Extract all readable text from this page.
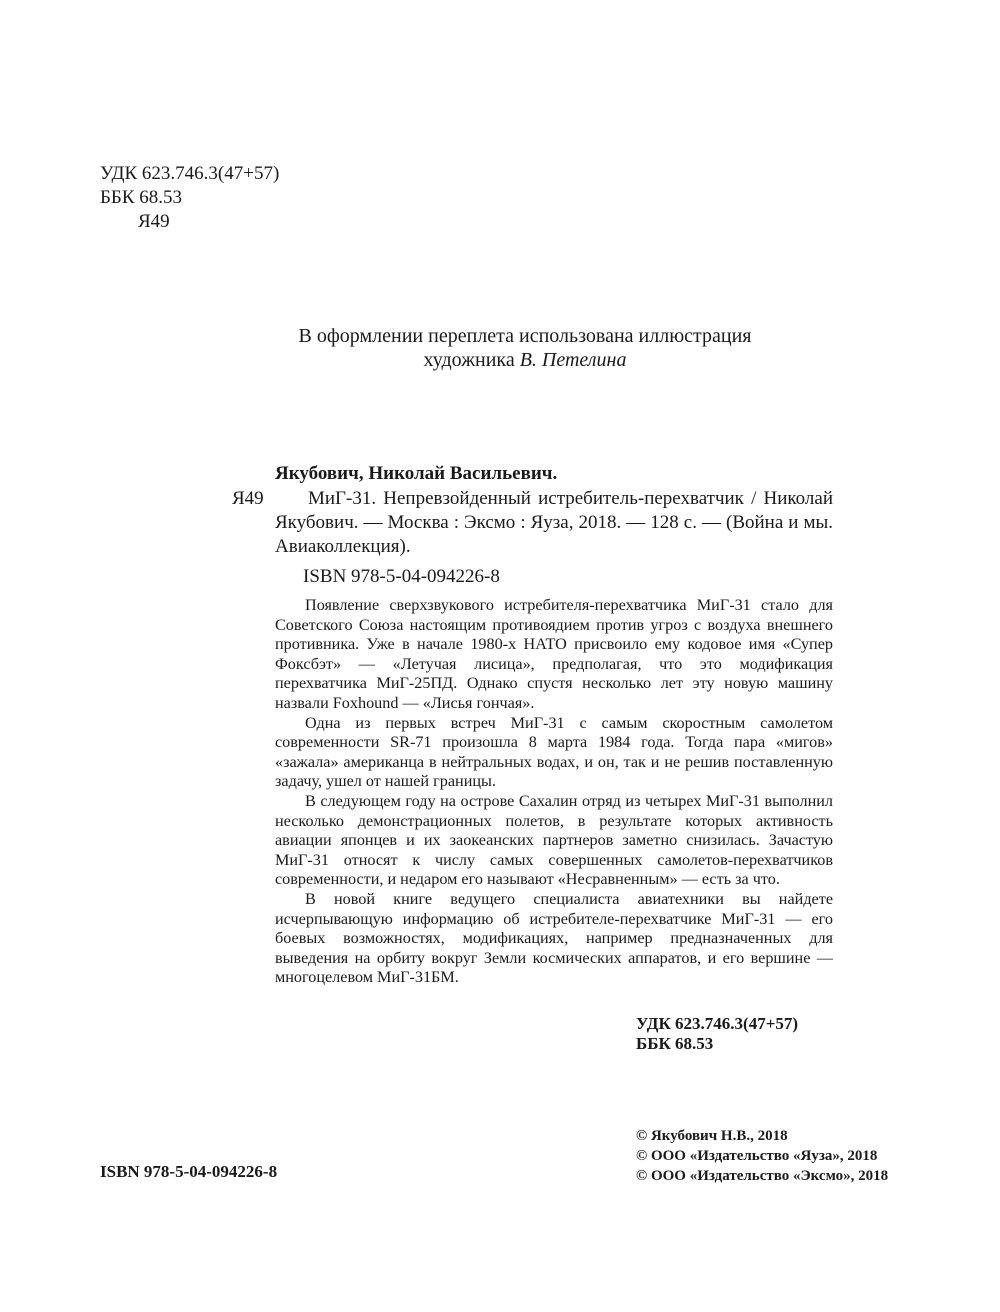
УДК 623.746.3(47+57)
ББК 68.53
Я49
В оформлении переплета использована иллюстрация
художника В. Петелина
Якубович, Николай Васильевич.
Я49	МиГ-31. Непревзойденный истребитель-перехватчик / Николай Якубович. — Москва : Эксмо : Яуза, 2018. — 128 с. — (Война и мы. Авиаколлекция).

ISBN 978-5-04-094226-8

Появление сверхзвукового истребителя-перехватчика МиГ-31 стало для Советского Союза настоящим противоядием против угроз с воздуха внешнего противника. Уже в начале 1980-х НАТО присвоило ему кодовое имя «Супер Фоксбэт» — «Летучая лисица», предполагая, что это модификация перехватчика МиГ-25ПД. Однако спустя несколько лет эту новую машину назвали Foxhound — «Лисья гончая».

Одна из первых встреч МиГ-31 с самым скоростным самолетом современности SR-71 произошла 8 марта 1984 года. Тогда пара «мигов» «зажала» американца в нейтральных водах, и он, так и не решив поставленную задачу, ушел от нашей границы.

В следующем году на острове Сахалин отряд из четырех МиГ-31 выполнил несколько демонстрационных полетов, в результате которых активность авиации японцев и их заокеанских партнеров заметно снизилась. Зачастую МиГ-31 относят к числу самых совершенных самолетов-перехватчиков современности, и недаром его называют «Несравненным» — есть за что.

В новой книге ведущего специалиста авиатехники вы найдете исчерпывающую информацию об истребителе-перехватчике МиГ-31 — его боевых возможностях, модификациях, например предназначенных для выведения на орбиту вокруг Земли космических аппаратов, и его вершине — многоцелевом МиГ-31БМ.

УДК 623.746.3(47+57)
ББК 68.53
ISBN 978-5-04-094226-8
© Якубович Н.В., 2018
© ООО «Издательство «Яуза», 2018
© ООО «Издательство «Эксмо», 2018
